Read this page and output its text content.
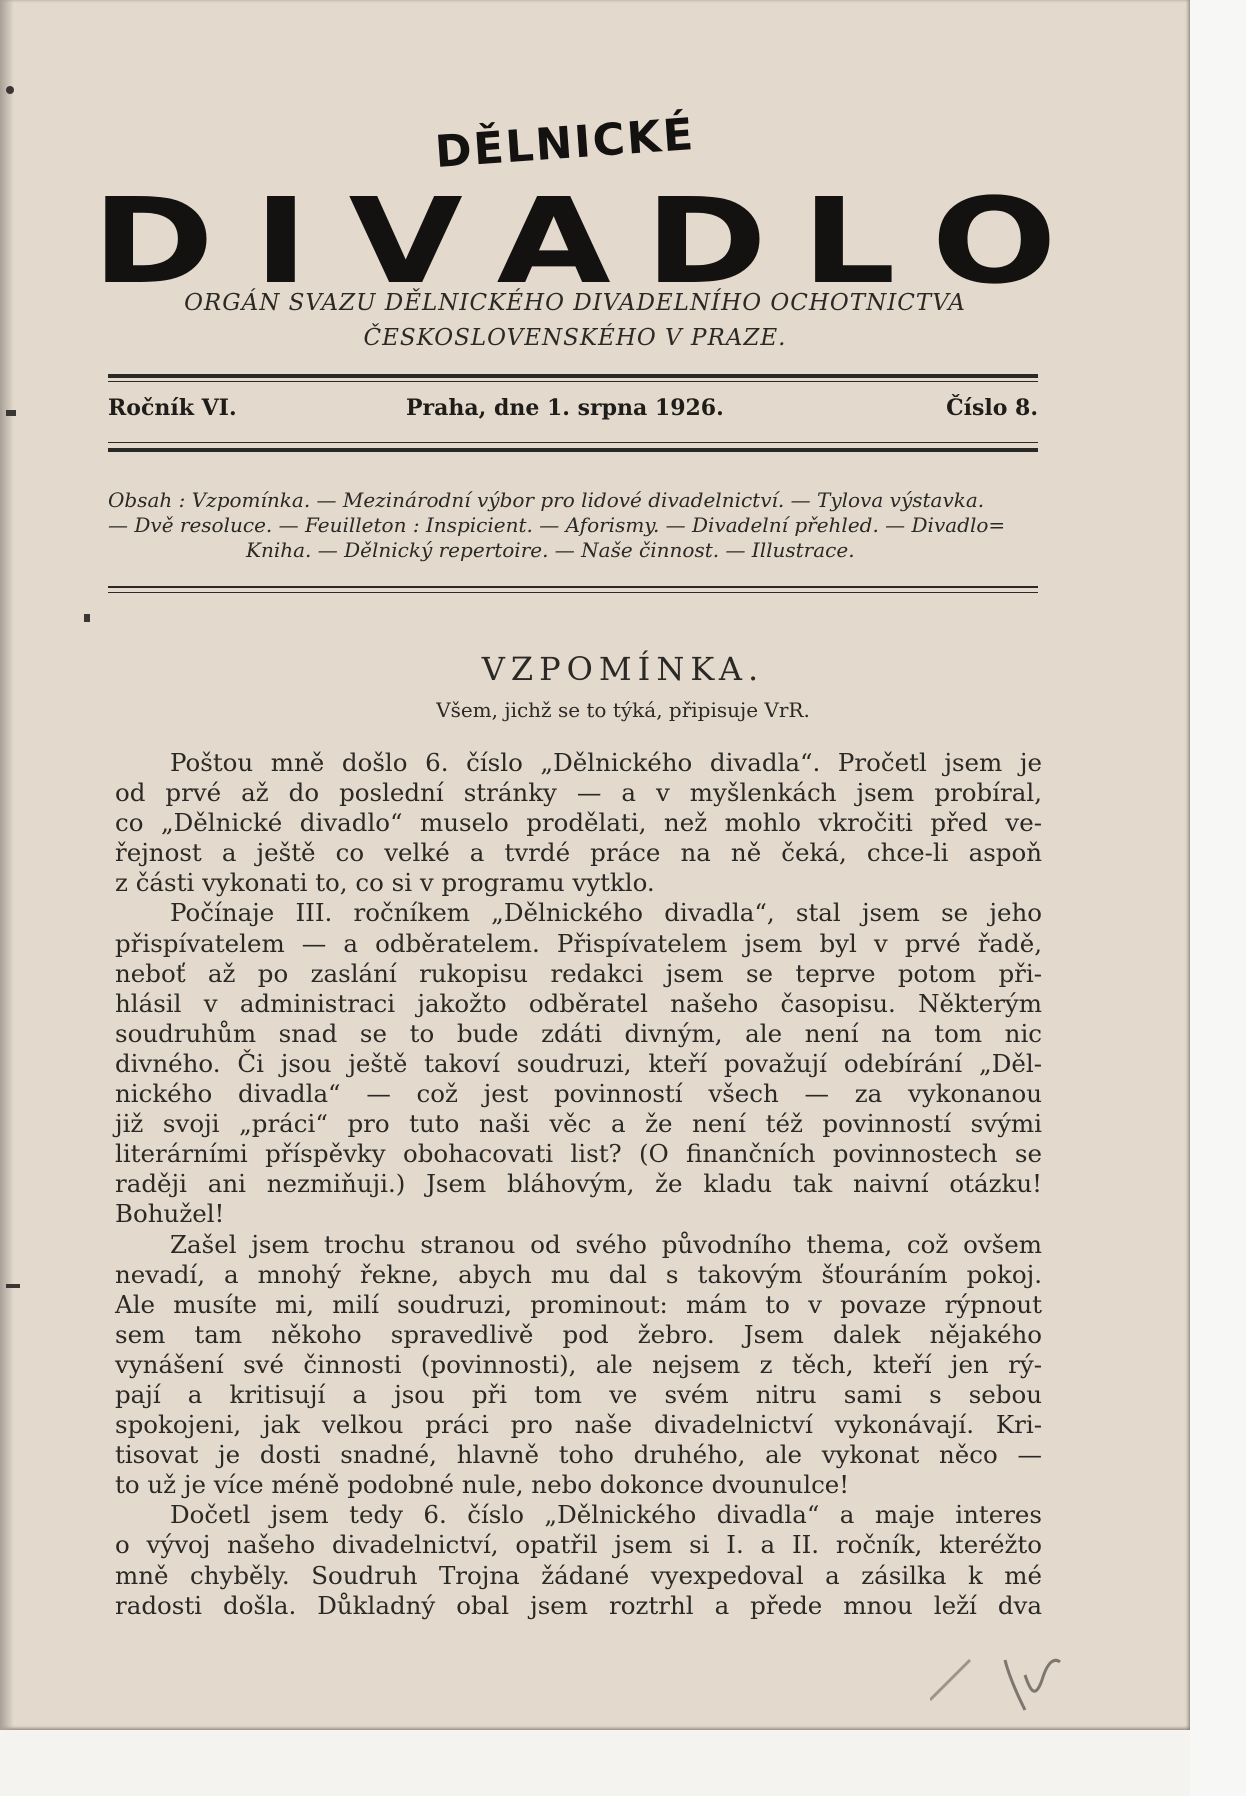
DĚLNICKÉ
D I V A D L O
ORGÁN SVAZU DĚLNICKÉHO DIVADELNÍHO OCHOTNICTVA
ČESKOSLOVENSKÉHO V PRAZE.
Ročník VI.	Praha, dne 1. srpna 1926.	Číslo 8.
Obsah : Vzpomínka. — Mezinárodní výbor pro lidové divadelnictví. — Tylova výstavka.
— Dvě resoluce. — Feuilleton : Inspicient. — Aforismy. — Divadelní přehled. — Divadlo=
Kniha. — Dělnický repertoire. — Naše činnost. — Illustrace.
VZPOMÍNKA.
Všem, jichž se to týká, připisuje VrR.
Poštou mně došlo 6. číslo „Dělnického divadla“. Pročetl jsem je
od prvé až do poslední stránky — a v myšlenkách jsem probíral,
co „Dělnické divadlo“ muselo prodělati, než mohlo vkročiti před ve-
řejnost a ještě co velké a tvrdé práce na ně čeká, chce-li aspoň
z části vykonati to, co si v programu vytklo.
Počínaje III. ročníkem „Dělnického divadla“, stal jsem se jeho
přispívatelem — a odběratelem. Přispívatelem jsem byl v prvé řadě,
neboť až po zaslání rukopisu redakci jsem se teprve potom při-
hlásil v administraci jakožto odběratel našeho časopisu. Některým
soudruhům snad se to bude zdáti divným, ale není na tom nic
divného. Či jsou ještě takoví soudruzi, kteří považují odebírání „Děl-
nického divadla“ — což jest povinností všech — za vykonanou
již svoji „práci“ pro tuto naši věc a že není též povinností svými
literárními příspěvky obohacovati list? (O finančních povinnostech se
raději ani nezmiňuji.) Jsem bláhovým, že kladu tak naivní otázku!
Bohužel!
Zašel jsem trochu stranou od svého původního thema, což ovšem
nevadí, a mnohý řekne, abych mu dal s takovým šťouráním pokoj.
Ale musíte mi, milí soudruzi, prominout: mám to v povaze rýpnout
sem tam někoho spravedlivě pod žebro. Jsem dalek nějakého
vynášení své činnosti (povinnosti), ale nejsem z těch, kteří jen rý-
pají a kritisují a jsou při tom ve svém nitru sami s sebou
spokojeni, jak velkou práci pro naše divadelnictví vykonávají. Kri-
tisovat je dosti snadné, hlavně toho druhého, ale vykonat něco —
to už je více méně podobné nule, nebo dokonce dvounulce!
Dočetl jsem tedy 6. číslo „Dělnického divadla“ a maje interes
o vývoj našeho divadelnictví, opatřil jsem si I. a II. ročník, kteréžto
mně chyběly. Soudruh Trojna žádané vyexpedoval a zásilka k mé
radosti došla. Důkladný obal jsem roztrhl a přede mnou leží dva
